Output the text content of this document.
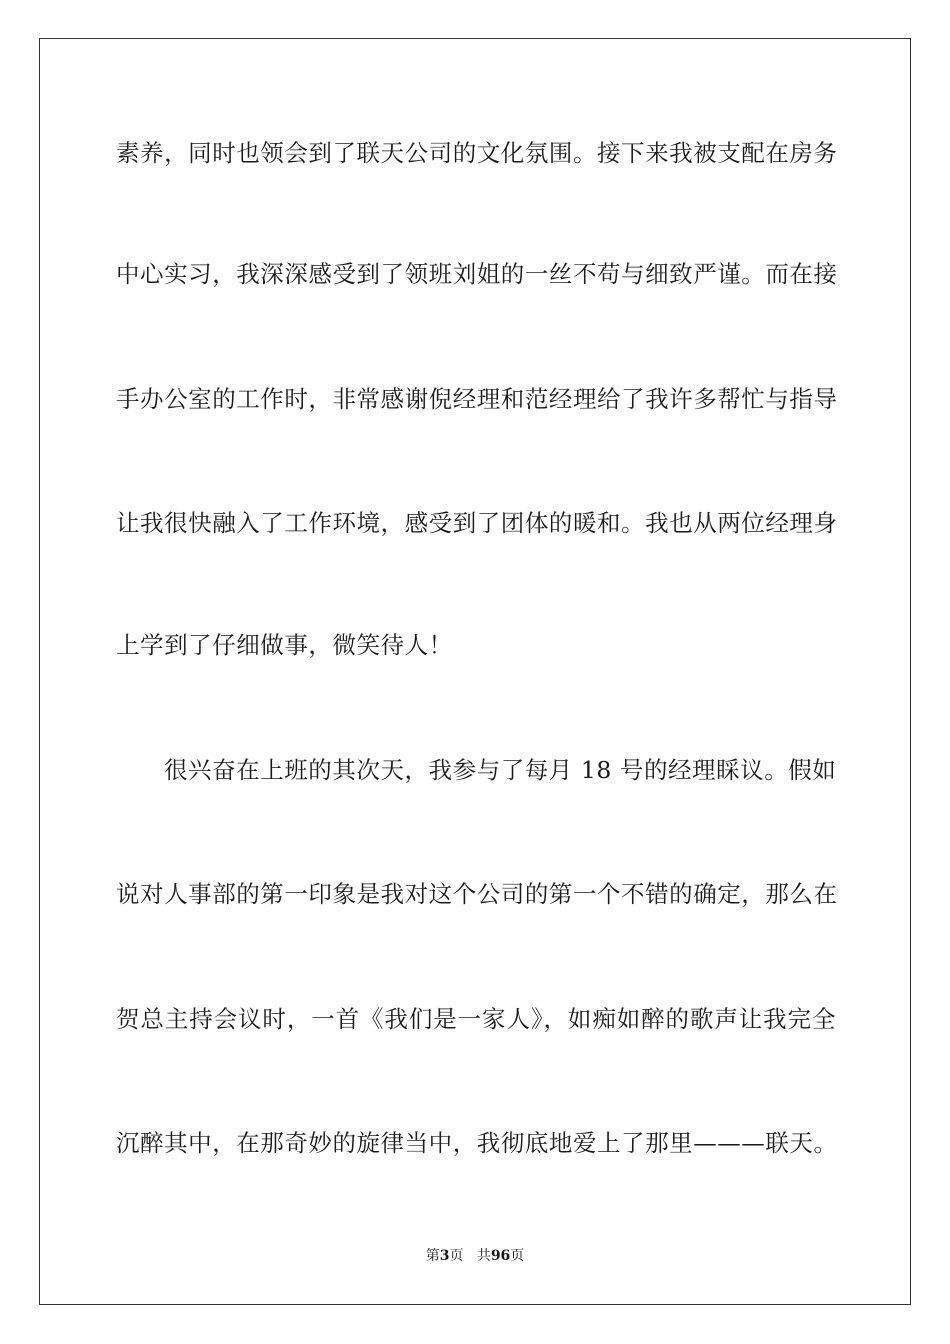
素养，同时也领会到了联天公司的文化氛围。接下来我被支配在房务
中心实习，我深深感受到了领班刘姐的一丝不苟与细致严谨。而在接
手办公室的工作时，非常感谢倪经理和范经理给了我许多帮忙与指导
让我很快融入了工作环境，感受到了团体的暖和。我也从两位经理身
上学到了仔细做事，微笑待人！
很兴奋在上班的其次天，我参与了每月 18 号的经理睬议。假如
说对人事部的第一印象是我对这个公司的第一个不错的确定，那么在
贺总主持会议时，一首《我们是一家人》，如痴如醉的歌声让我完全
沉醉其中，在那奇妙的旋律当中，我彻底地爱上了那里———联天。
第3页 共96页
